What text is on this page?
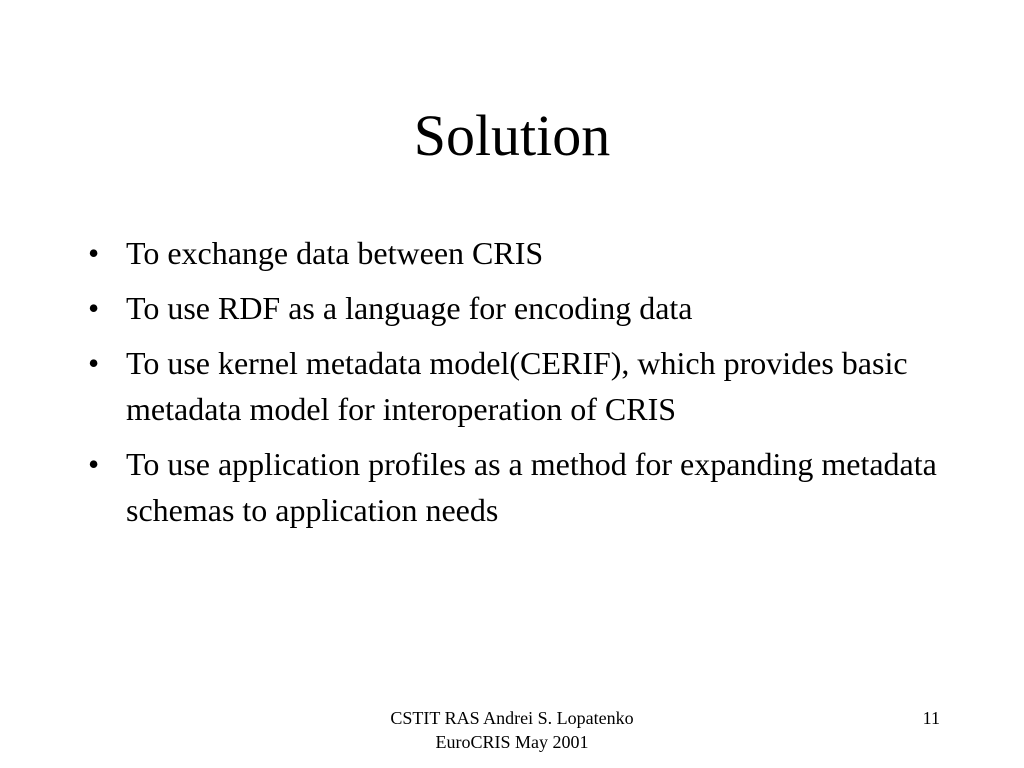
Solution
• To exchange data between CRIS
• To use RDF as a language for encoding data
• To use kernel metadata model(CERIF), which provides basic metadata model for interoperation of CRIS
• To use application profiles as a method for expanding metadata schemas to application needs
CSTIT RAS Andrei S. Lopatenko
EuroCRIS May 2001
11
